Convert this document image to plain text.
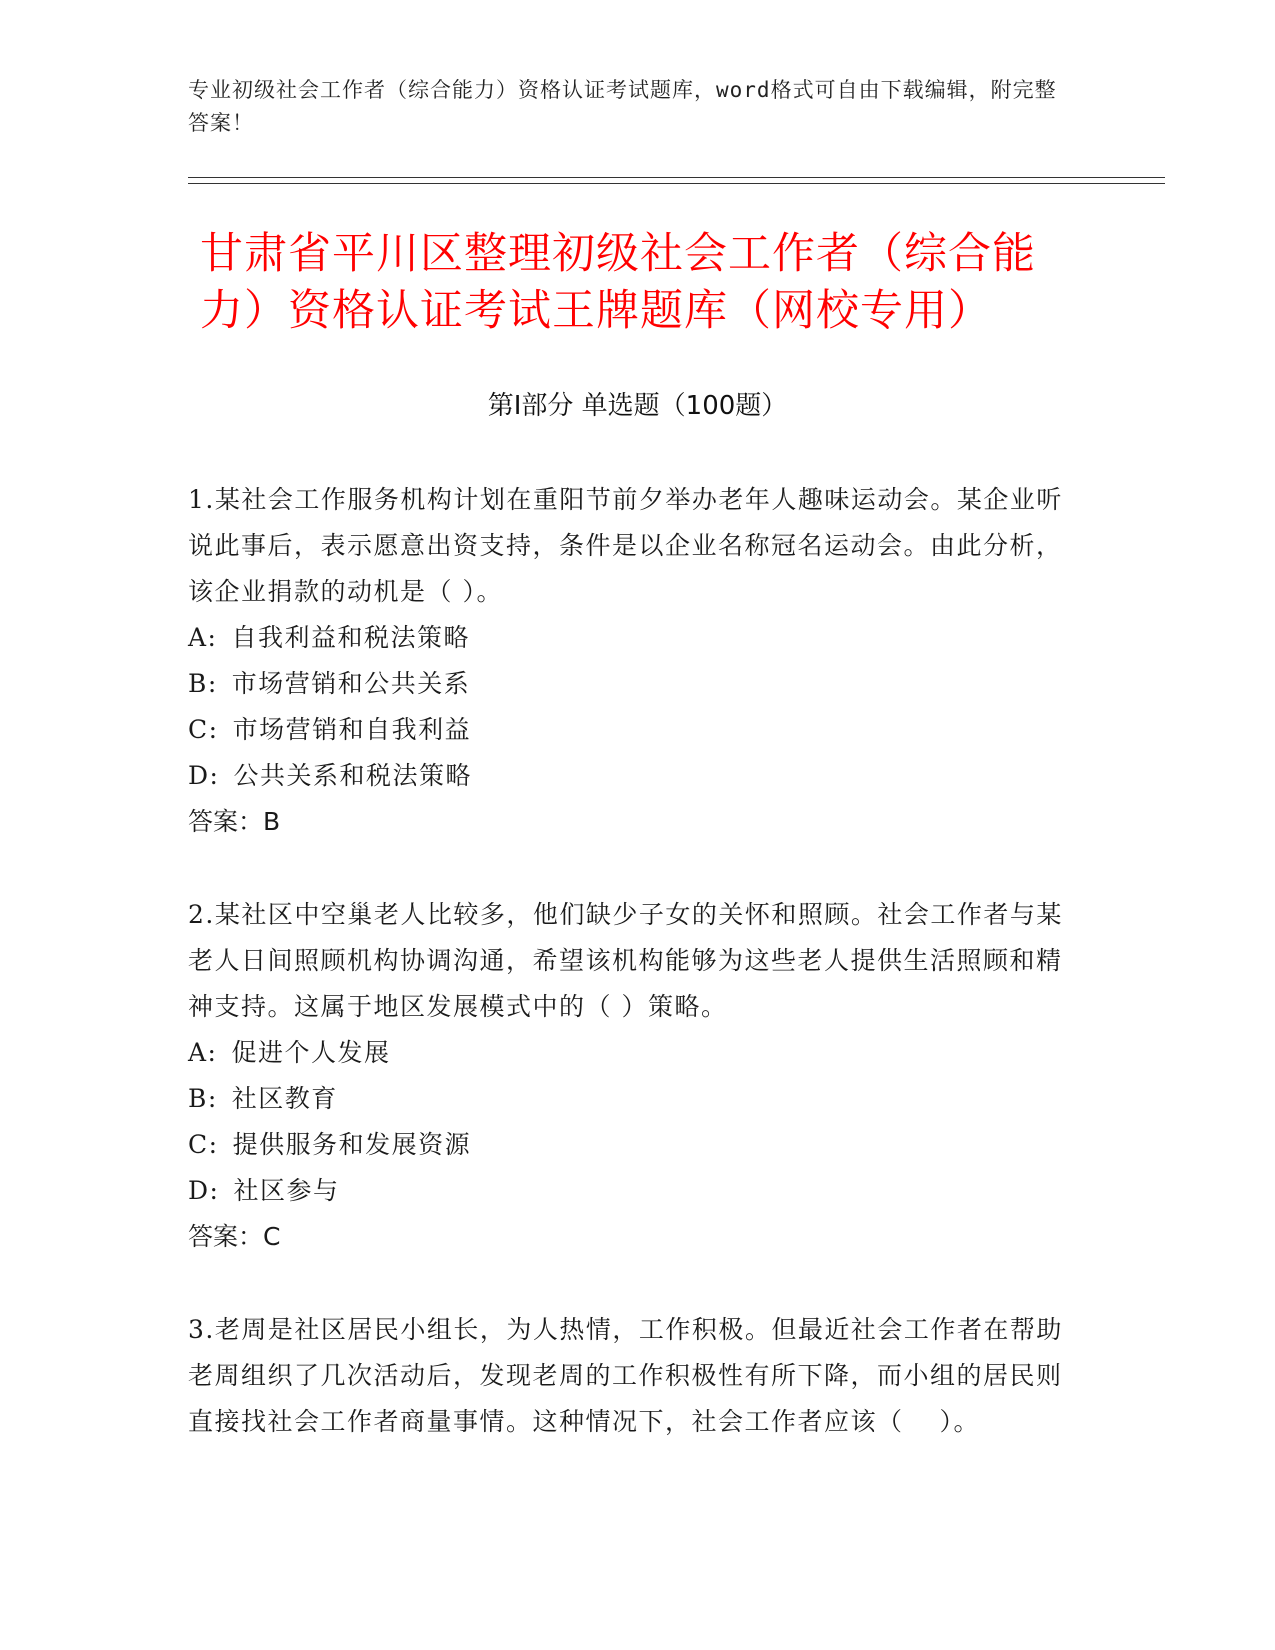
专业初级社会工作者（综合能力）资格认证考试题库，word格式可自由下载编辑，附完整答案！
甘肃省平川区整理初级社会工作者（综合能力）资格认证考试王牌题库（网校专用）
第Ⅰ部分 单选题（100题）

1.某社会工作服务机构计划在重阳节前夕举办老年人趣味运动会。某企业听说此事后，表示愿意出资支持，条件是以企业名称冠名运动会。由此分析，该企业捐款的动机是（ ）。

A: 自我利益和税法策略

B: 市场营销和公共关系

C: 市场营销和自我利益

D: 公共关系和税法策略

答案：B

2.某社区中空巢老人比较多，他们缺少子女的关怀和照顾。社会工作者与某老人日间照顾机构协调沟通，希望该机构能够为这些老人提供生活照顾和精神支持。这属于地区发展模式中的（ ）策略。

A: 促进个人发展

B: 社区教育

C: 提供服务和发展资源

D: 社区参与

答案：C

3.老周是社区居民小组长，为人热情，工作积极。但最近社会工作者在帮助老周组织了几次活动后，发现老周的工作积极性有所下降，而小组的居民则直接找社会工作者商量事情。这种情况下，社会工作者应该（　 ）。
